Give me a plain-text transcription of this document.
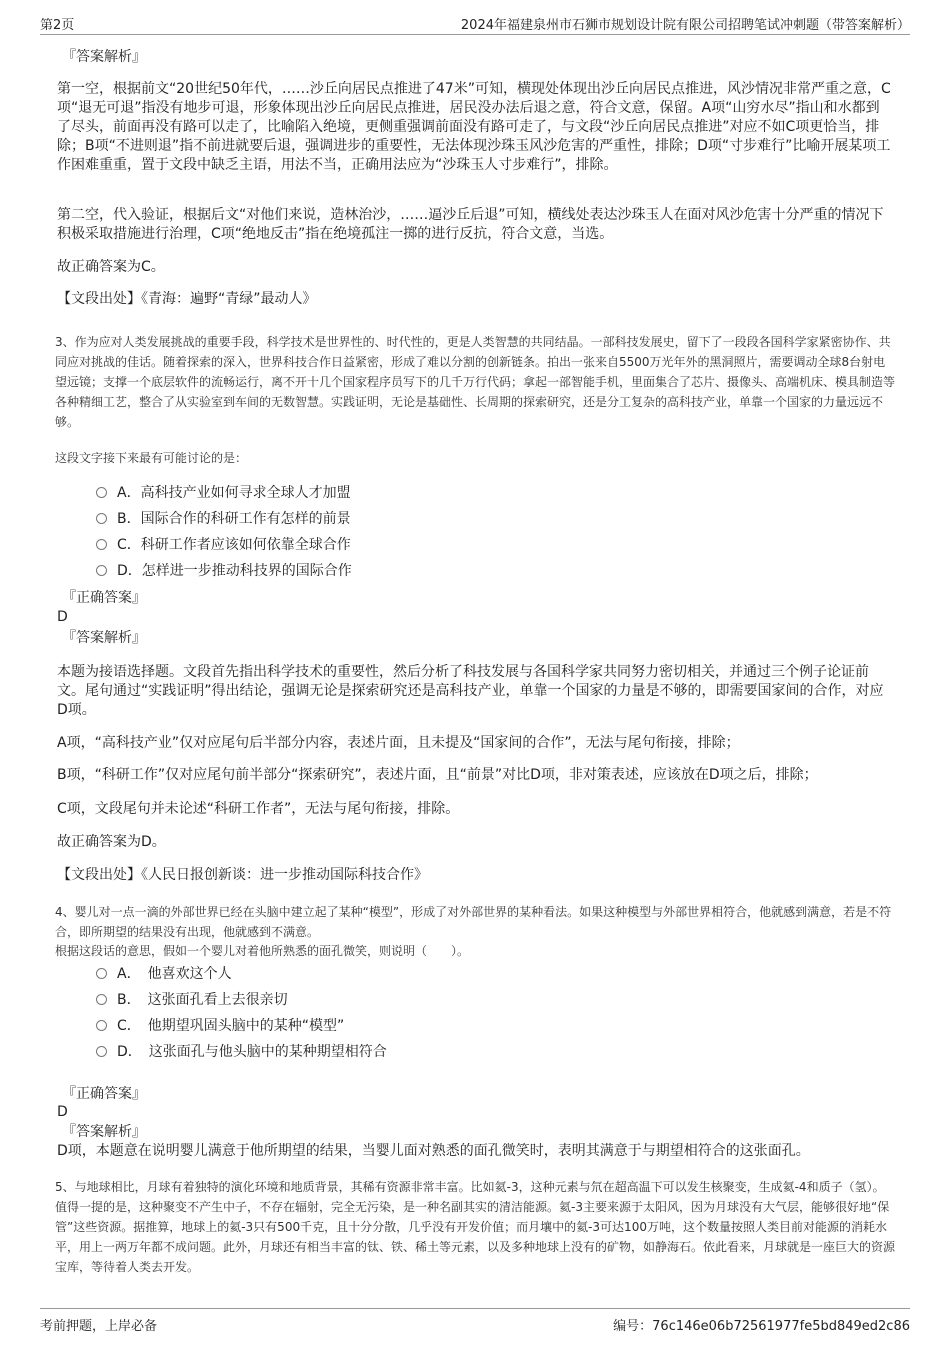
第2页	2024年福建泉州市石狮市规划设计院有限公司招聘笔试冲刺题（带答案解析）
『答案解析』
第一空，根据前文“20世纪50年代，……沙丘向居民点推进了47米”可知，横现处体现出沙丘向居民点推进，风沙情况非常严重之意，C项“退无可退”指没有地步可退，形象体现出沙丘向居民点推进，居民没办法后退之意，符合文意，保留。A项“山穷水尽”指山和水都到了尽头，前面再没有路可以走了，比喻陷入绝境，更侧重强调前面没有路可走了，与文段“沙丘向居民点推进”对应不如C项更恰当，排除；B项“不进则退”指不前进就要后退，强调进步的重要性，无法体现沙珠玉风沙危害的严重性，排除；D项“寸步难行”比喻开展某项工作困难重重，置于文段中缺乏主语，用法不当，正确用法应为“沙珠玉人寸步难行”，排除。
第二空，代入验证，根据后文“对他们来说，造林治沙，……逼沙丘后退”可知，横线处表达沙珠玉人在面对风沙危害十分严重的情况下积极采取措施进行治理，C项“绝地反击”指在绝境孤注一掷的进行反抗，符合文意，当选。
故正确答案为C。
【文段出处】《青海：遍野“青绿”最动人》
3、作为应对人类发展挑战的重要手段，科学技术是世界性的、时代性的，更是人类智慧的共同结晶。一部科技发展史，留下了一段段各国科学家紧密协作、共同应对挑战的佳话。随着探索的深入，世界科技合作日益紧密，形成了难以分割的创新链条。拍出一张来自5500万光年外的黑洞照片，需要调动全球8台射电望远镜；支撑一个底层软件的流畅运行，离不开十几个国家程序员写下的几千万行代码；拿起一部智能手机，里面集合了芯片、摄像头、高端机床、模具制造等各种精细工艺，整合了从实验室到车间的无数智慧。实践证明，无论是基础性、长周期的探索研究，还是分工复杂的高科技产业，单靠一个国家的力量远远不够。
这段文字接下来最有可能讨论的是：
A．高科技产业如何寻求全球人才加盟
B．国际合作的科研工作有怎样的前景
C．科研工作者应该如何依靠全球合作
D．怎样进一步推动科技界的国际合作
『正确答案』
D
『答案解析』
本题为接语选择题。文段首先指出科学技术的重要性，然后分析了科技发展与各国科学家共同努力密切相关，并通过三个例子论证前文。尾句通过“实践证明”得出结论，强调无论是探索研究还是高科技产业，单靠一个国家的力量是不够的，即需要国家间的合作，对应D项。
A项，“高科技产业”仅对应尾句后半部分内容，表述片面，且未提及“国家间的合作”，无法与尾句衔接，排除；
B项，“科研工作”仅对应尾句前半部分“探索研究”，表述片面，且“前景”对比D项，非对策表述，应该放在D项之后，排除；
C项，文段尾句并未论述“科研工作者”，无法与尾句衔接，排除。
故正确答案为D。
【文段出处】《人民日报创新谈：进一步推动国际科技合作》
4、婴儿对一点一滴的外部世界已经在头脑中建立起了某种“模型”，形成了对外部世界的某种看法。如果这种模型与外部世界相符合，他就感到满意，若是不符合，即所期望的结果没有出现，他就感到不满意。
根据这段话的意思，假如一个婴儿对着他所熟悉的面孔微笑，则说明（　　）。
A．　他喜欢这个人
B．　这张面孔看上去很亲切
C．　他期望巩固头脑中的某种“模型”
D．　这张面孔与他头脑中的某种期望相符合
『正确答案』
D
『答案解析』
D项，本题意在说明婴儿满意于他所期望的结果，当婴儿面对熟悉的面孔微笑时，表明其满意于与期望相符合的这张面孔。
5、与地球相比，月球有着独特的演化环境和地质背景，其稀有资源非常丰富。比如氦-3，这种元素与氘在超高温下可以发生核聚变，生成氦-4和质子（氢）。值得一提的是，这种聚变不产生中子，不存在辐射，完全无污染，是一种名副其实的清洁能源。氦-3主要来源于太阳风，因为月球没有大气层，能够很好地“保管”这些资源。据推算，地球上的氦-3只有500千克，且十分分散，几乎没有开发价值；而月壤中的氦-3可达100万吨，这个数量按照人类目前对能源的消耗水平，用上一两万年都不成问题。此外，月球还有相当丰富的钛、铁、稀土等元素，以及多种地球上没有的矿物，如静海石。依此看来，月球就是一座巨大的资源宝库，等待着人类去开发。
考前押题，上岸必备	编号：76c146e06b72561977fe5bd849ed2c86
